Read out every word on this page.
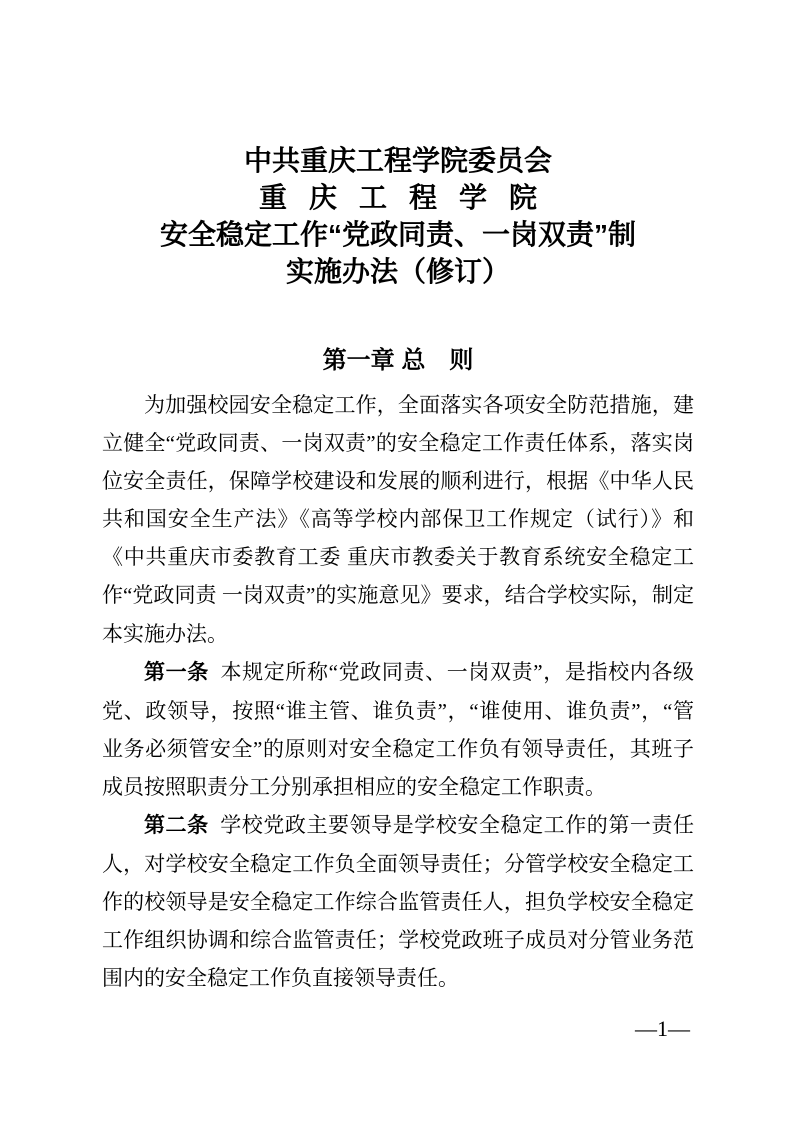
中共重庆工程学院委员会
重庆工程学院
安全稳定工作“党政同责、一岗双责”制
实施办法（修订）
第一章 总　则

为加强校园安全稳定工作，全面落实各项安全防范措施，建立健全“党政同责、一岗双责”的安全稳定工作责任体系，落实岗位安全责任，保障学校建设和发展的顺利进行，根据《中华人民共和国安全生产法》《高等学校内部保卫工作规定（试行）》和《中共重庆市委教育工委 重庆市教委关于教育系统安全稳定工作“党政同责 一岗双责”的实施意见》要求，结合学校实际，制定本实施办法。

第一条 本规定所称“党政同责、一岗双责”，是指校内各级党、政领导，按照“谁主管、谁负责”，“谁使用、谁负责”，“管业务必须管安全”的原则对安全稳定工作负有领导责任，其班子成员按照职责分工分别承担相应的安全稳定工作职责。

第二条 学校党政主要领导是学校安全稳定工作的第一责任人，对学校安全稳定工作负全面领导责任；分管学校安全稳定工作的校领导是安全稳定工作综合监管责任人，担负学校安全稳定工作组织协调和综合监管责任；学校党政班子成员对分管业务范围内的安全稳定工作负直接领导责任。

—1—
